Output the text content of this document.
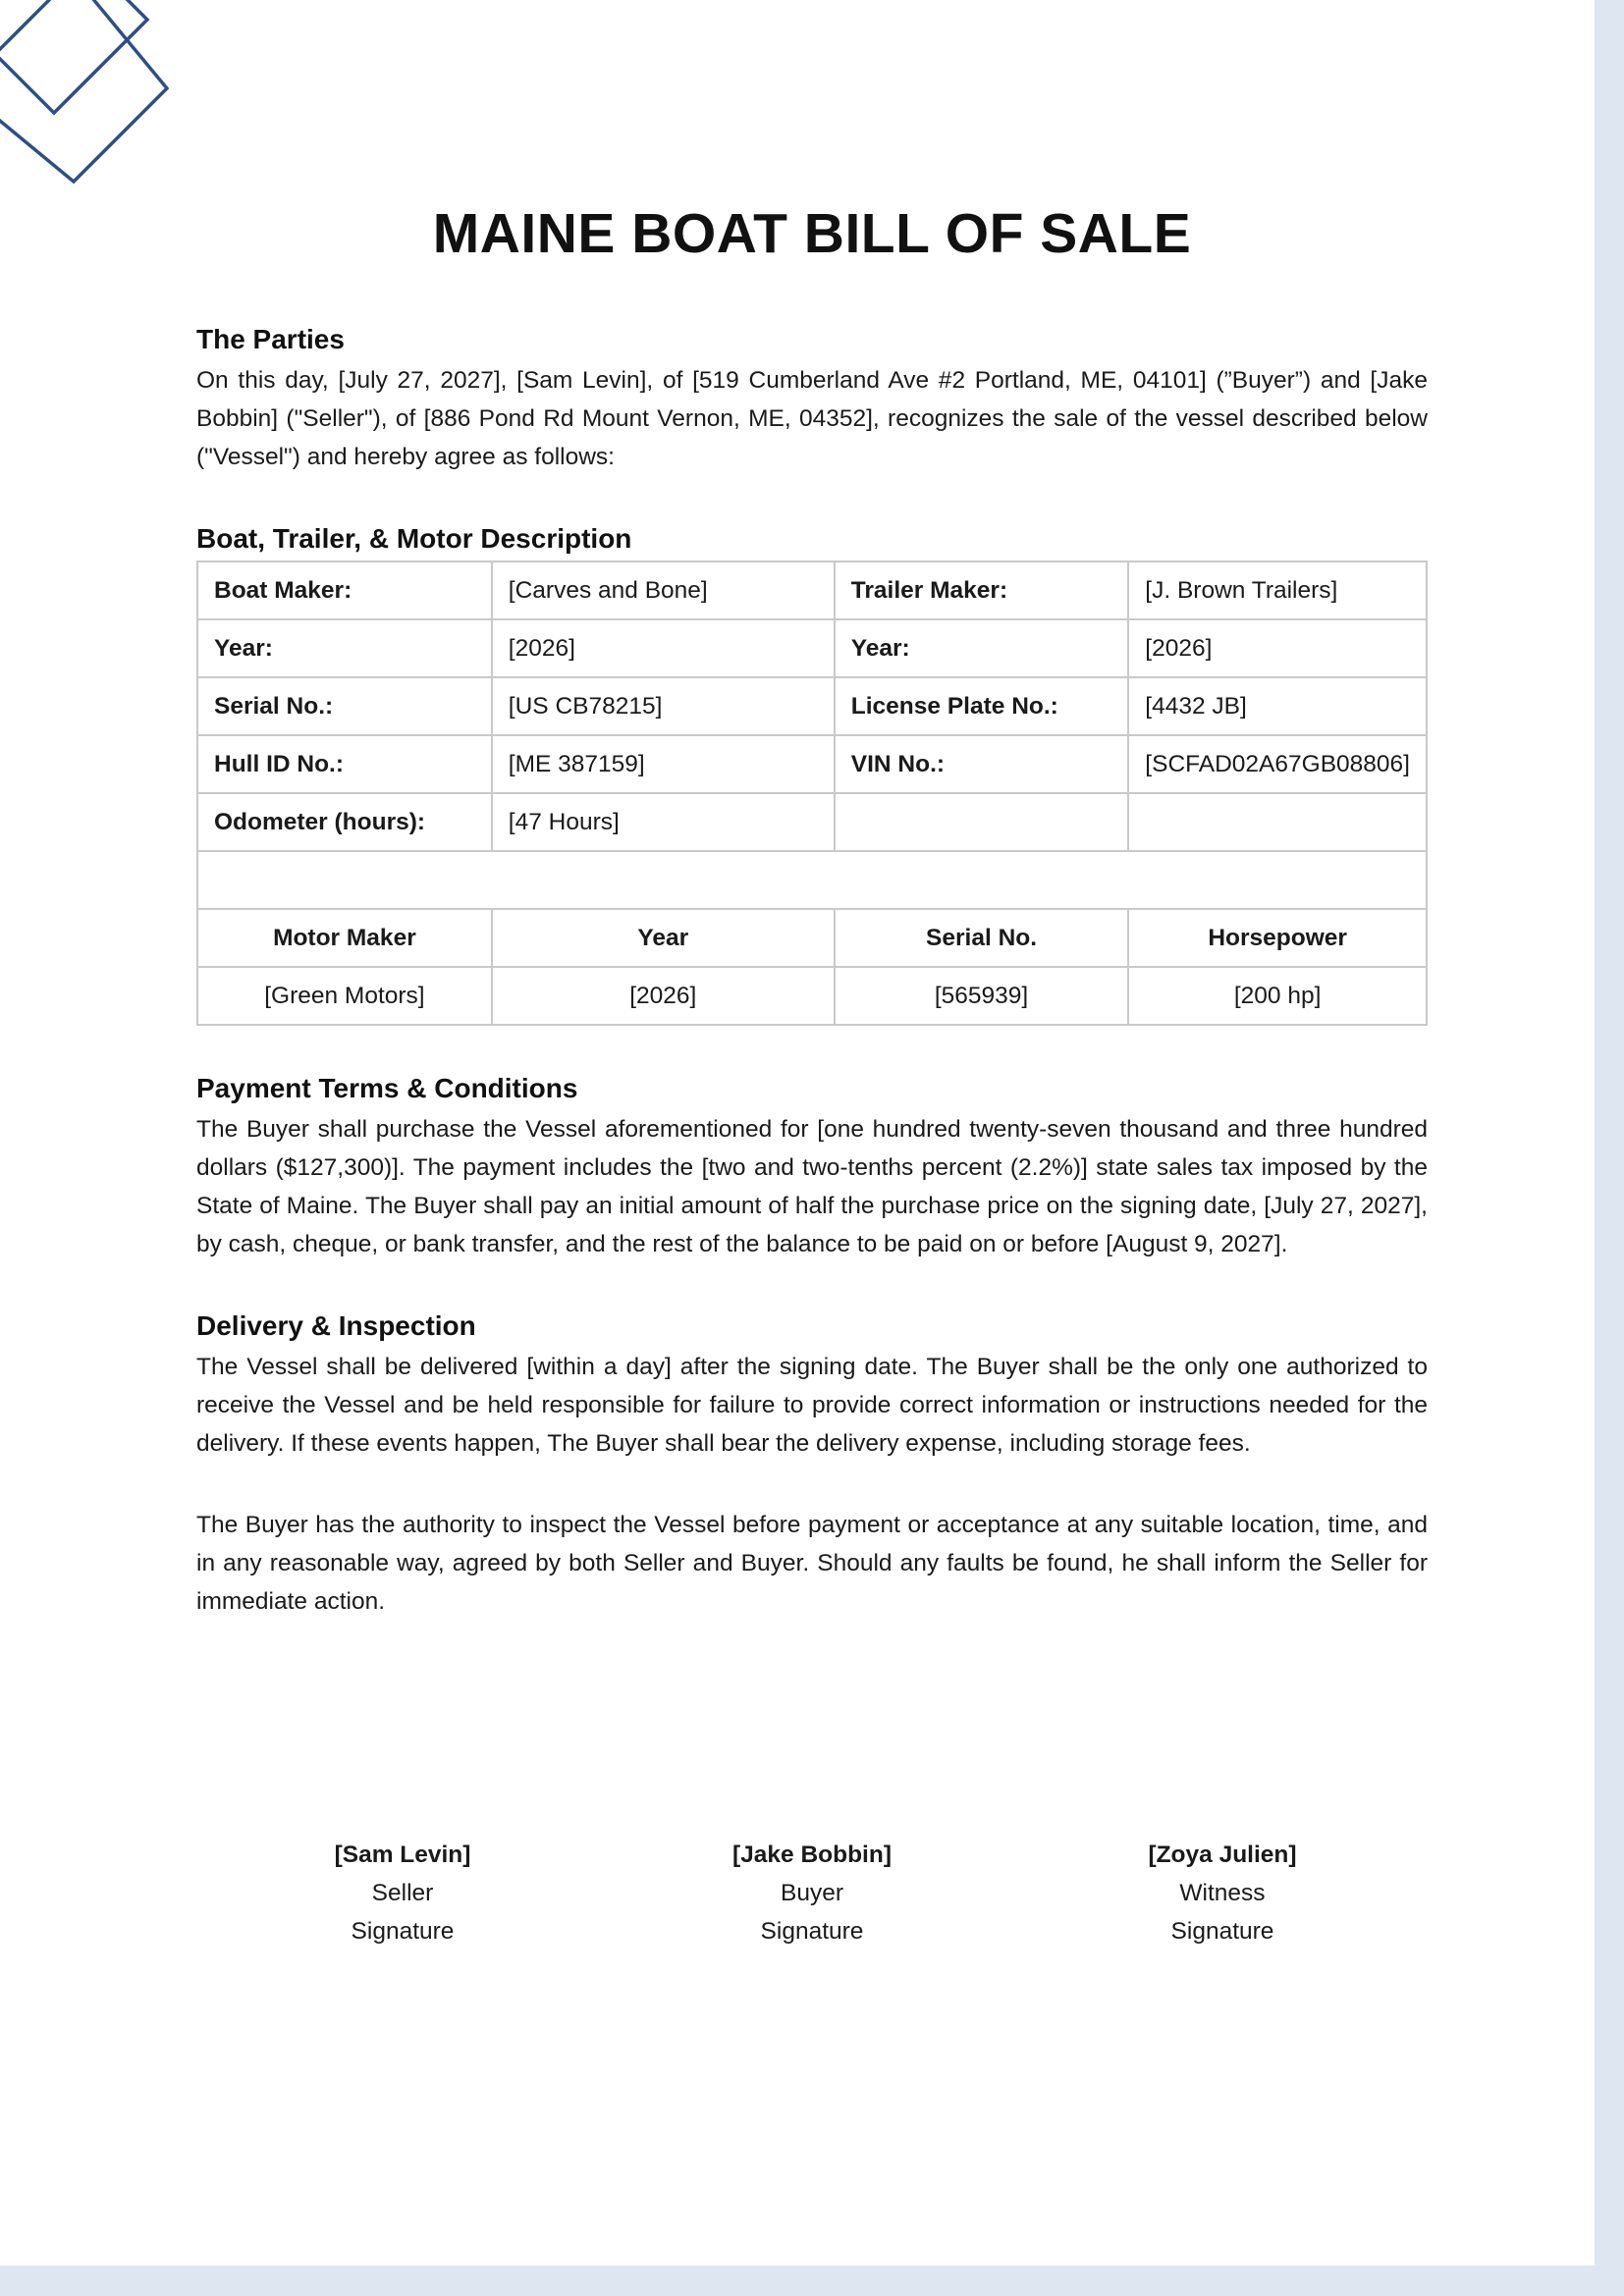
MAINE BOAT BILL OF SALE
The Parties

On this day, [July 27, 2027], [Sam Levin], of [519 Cumberland Ave #2 Portland, ME, 04101] (”Buyer”) and [Jake Bobbin] ("Seller"), of [886 Pond Rd Mount Vernon, ME, 04352], recognizes the sale of the vessel described below ("Vessel") and hereby agree as follows:

Boat, Trailer, & Motor Description
Boat Maker:	[Carves and Bone]	Trailer Maker:	[J. Brown Trailers]
Year:	[2026]	Year:	[2026]
Serial No.:	[US CB78215]	License Plate No.:	[4432 JB]
Hull ID No.:	[ME 387159]	VIN No.:	[SCFAD02A67GB08806]
Odometer (hours):	[47 Hours]		

Motor Maker	Year	Serial No.	Horsepower
[Green Motors]	[2026]	[565939]	[200 hp]
Payment Terms & Conditions

The Buyer shall purchase the Vessel aforementioned for [one hundred twenty-seven thousand and three hundred dollars ($127,300)]. The payment includes the [two and two-tenths percent (2.2%)] state sales tax imposed by the State of Maine. The Buyer shall pay an initial amount of half the purchase price on the signing date, [July 27, 2027], by cash, cheque, or bank transfer, and the rest of the balance to be paid on or before [August 9, 2027].

Delivery & Inspection

The Vessel shall be delivered [within a day] after the signing date. The Buyer shall be the only one authorized to receive the Vessel and be held responsible for failure to provide correct information or instructions needed for the delivery. If these events happen, The Buyer shall bear the delivery expense, including storage fees.

The Buyer has the authority to inspect the Vessel before payment or acceptance at any suitable location, time, and in any reasonable way, agreed by both Seller and Buyer. Should any faults be found, he shall inform the Seller for immediate action.

[Sam Levin]
Seller
Signature
[Jake Bobbin]
Buyer
Signature
[Zoya Julien]
Witness
Signature
